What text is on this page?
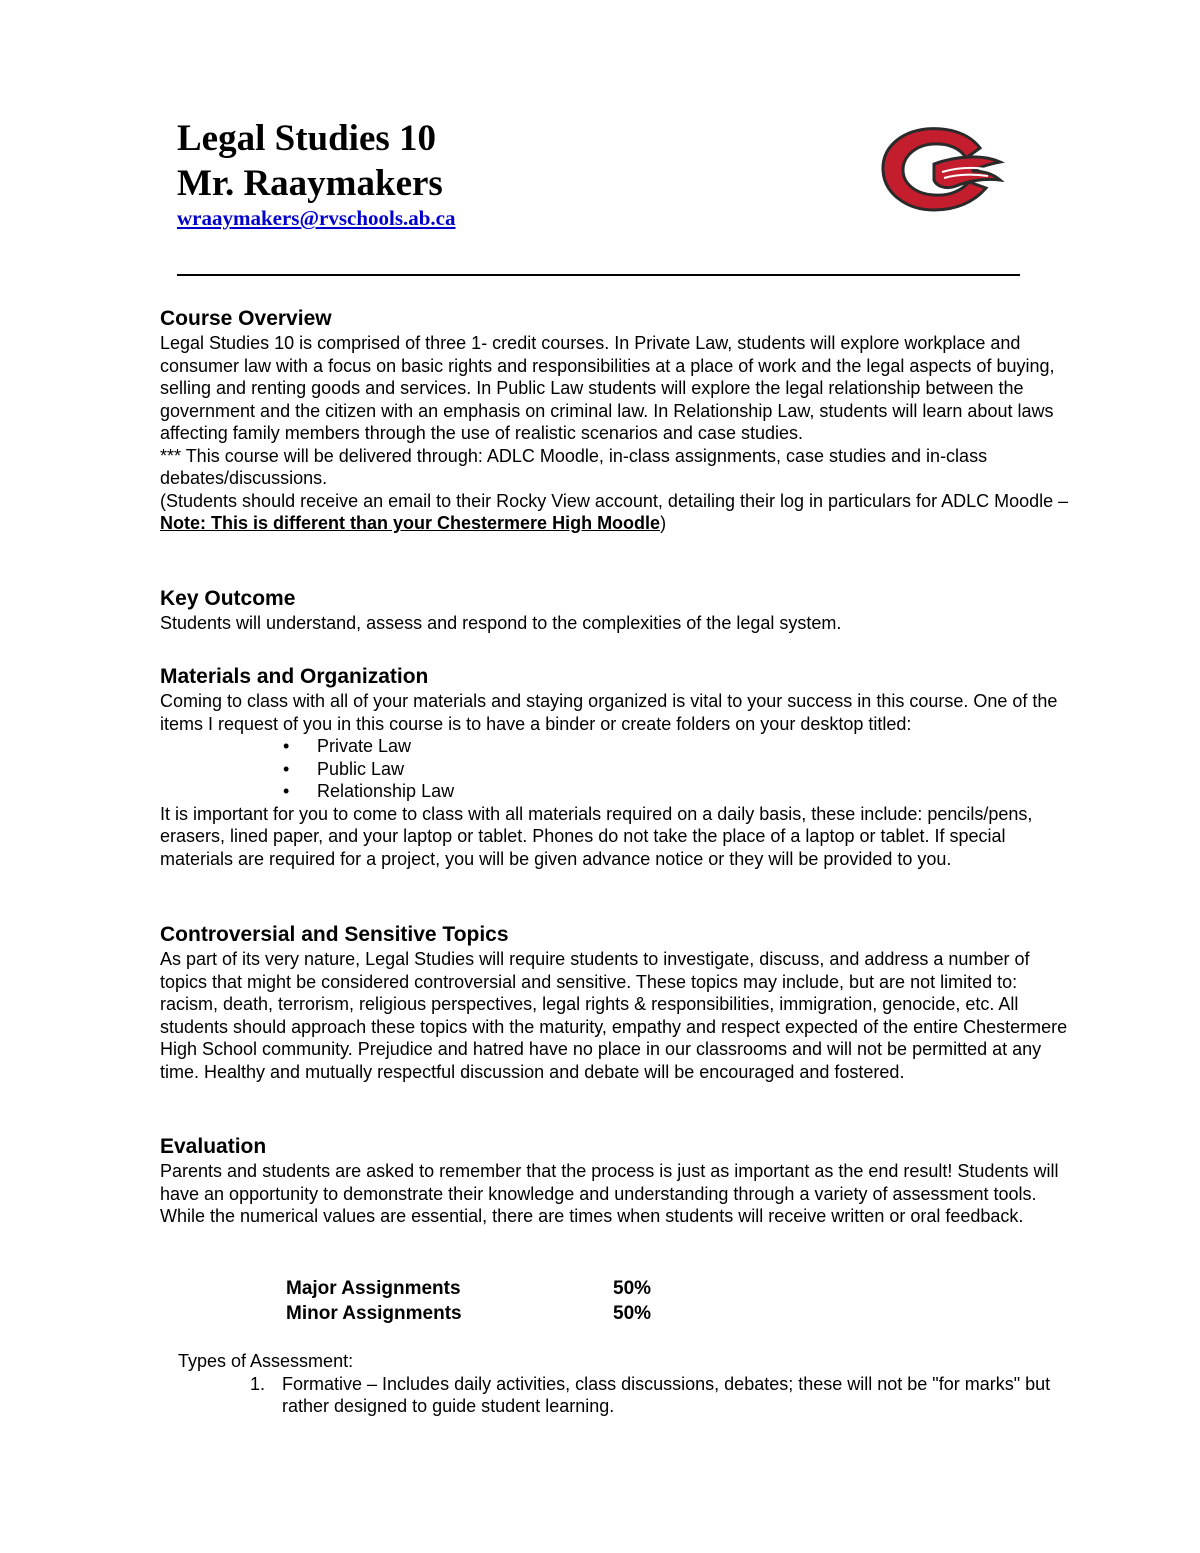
Legal Studies 10
Mr. Raaymakers
wraaymakers@rvschools.ab.ca
Course Overview

Legal Studies 10 is comprised of three 1- credit courses. In Private Law, students will explore workplace and consumer law with a focus on basic rights and responsibilities at a place of work and the legal aspects of buying, selling and renting goods and services. In Public Law students will explore the legal relationship between the government and the citizen with an emphasis on criminal law. In Relationship Law, students will learn about laws affecting family members through the use of realistic scenarios and case studies.

*** This course will be delivered through: ADLC Moodle, in-class assignments, case studies and in-class debates/discussions.

(Students should receive an email to their Rocky View account, detailing their log in particulars for ADLC Moodle – Note: This is different than your Chestermere High Moodle)

Key Outcome

Students will understand, assess and respond to the complexities of the legal system.

Materials and Organization

Coming to class with all of your materials and staying organized is vital to your success in this course. One of the items I request of you in this course is to have a binder or create folders on your desktop titled:

• Private Law
• Public Law
• Relationship Law

It is important for you to come to class with all materials required on a daily basis, these include: pencils/pens, erasers, lined paper, and your laptop or tablet. Phones do not take the place of a laptop or tablet. If special materials are required for a project, you will be given advance notice or they will be provided to you.

Controversial and Sensitive Topics

As part of its very nature, Legal Studies will require students to investigate, discuss, and address a number of topics that might be considered controversial and sensitive. These topics may include, but are not limited to: racism, death, terrorism, religious perspectives, legal rights & responsibilities, immigration, genocide, etc. All students should approach these topics with the maturity, empathy and respect expected of the entire Chestermere High School community. Prejudice and hatred have no place in our classrooms and will not be permitted at any time. Healthy and mutually respectful discussion and debate will be encouraged and fostered.

Evaluation

Parents and students are asked to remember that the process is just as important as the end result! Students will have an opportunity to demonstrate their knowledge and understanding through a variety of assessment tools. While the numerical values are essential, there are times when students will receive written or oral feedback.

Major Assignments	50%
Minor Assignments	50%

Types of Assessment:

1. Formative – Includes daily activities, class discussions, debates; these will not be "for marks" but rather designed to guide student learning.
